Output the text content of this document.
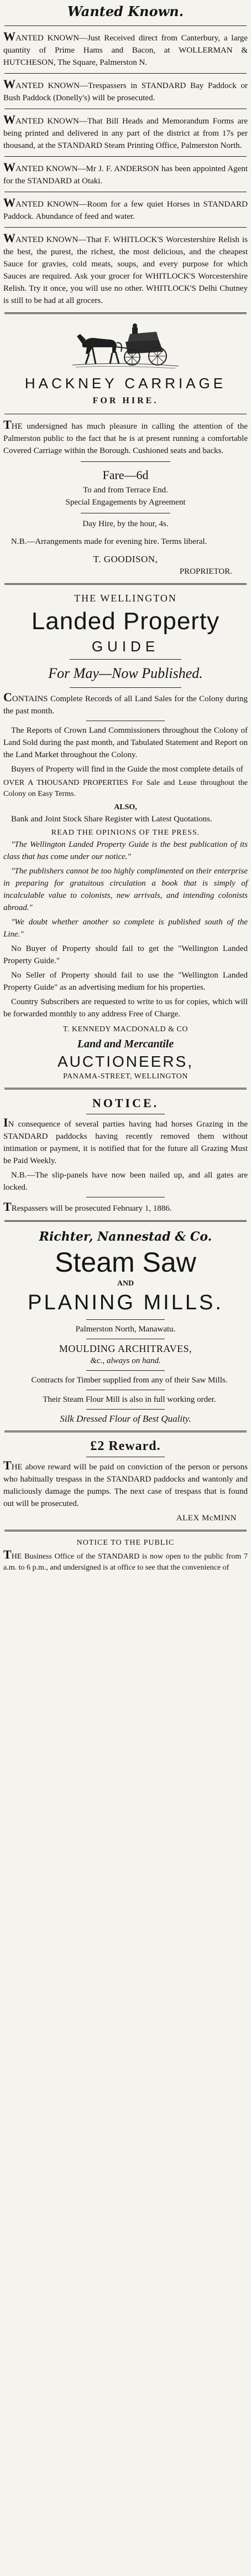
Wanted Known.

WANTED KNOWN—Just Received direct from Canterbury, a large quantity of Prime Hams and Bacon, at WOLLERMAN & HUTCHESON, The Square, Palmerston N.

WANTED KNOWN—Trespassers in STANDARD Bay Paddock or Bush Paddock (Donelly's) will be prosecuted.

WANTED KNOWN—That Bill Heads and Memorandum Forms are being printed and delivered in any part of the district at from 17s per thousand, at the STANDARD Steam Printing Office, Palmerston North.

WANTED KNOWN—Mr J. F. ANDERSON has been appointed Agent for the STANDARD at Otaki.

WANTED KNOWN—Room for a few quiet Horses in STANDARD Paddock. Abundance of feed and water.

WANTED KNOWN—That F. WHITLOCK'S Worcestershire Relish is the best, the purest, the richest, the most delicious, and the cheapest Sauce for gravies, cold meats, soups, and every purpose for which Sauces are required. Ask your grocer for WHITLOCK'S Worcestershire Relish. Try it once, you will use no other. WHITLOCK'S Delhi Chutney is still to be had at all grocers.

HACKNEY CARRIAGE
FOR HIRE.

THE undersigned has much pleasure in calling the attention of the Palmerston public to the fact that he is at present running a comfortable Covered Carriage within the Borough. Cushioned seats and backs.

Fare—6d
To and from Terrace End.
Special Engagements by Agreement
Day Hire, by the hour, 4s.

N.B.—Arrangements made for evening hire. Terms liberal.

T. GOODISON,
PROPRIETOR.
THE WELLINGTON
Landed Property
GUIDE
For May—Now Published.

CONTAINS Complete Records of all Land Sales for the Colony during the past month.

The Reports of Crown Land Commissioners throughout the Colony of Land Sold during the past month, and Tabulated Statement and Report on the Land Market throughout the Colony.

Buyers of Property will find in the Guide the most complete details of

OVER A THOUSAND PROPERTIES For Sale and Lease throughout the Colony on Easy Terms.

ALSO,

Bank and Joint Stock Share Register with Latest Quotations.

READ THE OPINIONS OF THE PRESS.

"The Wellington Landed Property Guide is the best publication of its class that has come under our notice."

"The publishers cannot be too highly complimented on their enterprise in preparing for gratuitous circulation a book that is simply of incalculable value to colonists, new arrivals, and intending colonists abroad."

"We doubt whether another so complete is published south of the Line."

No Buyer of Property should fail to get the "Wellington Landed Property Guide."

No Seller of Property should fail to use the "Wellington Landed Property Guide" as an advertising medium for his properties.

Country Subscribers are requested to write to us for copies, which will be forwarded monthly to any address Free of Charge.

T. KENNEDY MACDONALD & CO
Land and Mercantile
AUCTIONEERS,
PANAMA-STREET, WELLINGTON
NOTICE.

IN consequence of several parties having had horses Grazing in the STANDARD paddocks having recently removed them without intimation or payment, it is notified that for the future all Grazing Must be Paid Weekly.

N.B.—The slip-panels have now been nailed up, and all gates are locked.

TRespassers will be prosecuted February 1, 1886.

Richter, Nannestad & Co.
Steam Saw
AND
PLANING MILLS.
Palmerston North, Manawatu.
MOULDING ARCHITRAVES,
&c., always on hand.

Contracts for Timber supplied from any of their Saw Mills.

Their Steam Flour Mill is also in full working order.

Silk Dressed Flour of Best Quality.
£2 Reward.

THE above reward will be paid on conviction of the person or persons who habitually trespass in the STANDARD paddocks and wantonly and maliciously damage the pumps. The next case of trespass that is found out will be prosecuted.

ALEX McMINN
NOTICE TO THE PUBLIC

THE Business Office of the STANDARD is now open to the public from 7 a.m. to 6 p.m., and undersigned is at office to see that the convenience of
